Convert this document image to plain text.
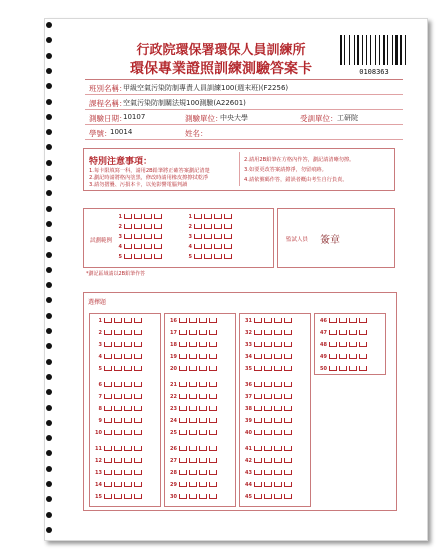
行政院環保署環保人員訓練所
環保專業證照訓練測驗答案卡	0108363
班別名稱：
甲級空氣污染防制專責人員訓練100(週末班)(F2256)
課程名稱：
空氣污染防制關法規100測驗(A22601)
測驗日期：
10107	測驗單位：
中央大學	受訓單位： 工研院
學號：
10014	姓名：
特別注意事項：
1.每卡限填寫一科，請用2B鉛筆將正確答案劃記清楚
2.劃記時請將格內塗黑，修改時請用橡皮擦擦拭乾淨
3.請勿摺疊、污損本卡，以免影響電腦判讀
2.請用2B鉛筆在方格內作答，劃記請清晰勿擦。
3.如要更改答案請擦淨，勿留痕跡。
4.請依號碼作答，錯誤者概由考生自行負責。
試劃範例
1	1
2	2
3	3
4	4
5	5
監試人員 簽章
*劃記區域請以2B鉛筆作答
選擇題
1
2
3
4
5
6
7
8
9
10
11
12
13
14
15
16
17
18
19
20
21
22
23
24
25
26
27
28
29
30
31
32
33
34
35
36
37
38
39
40
41
42
43
44
45
46
47
48
49
50
